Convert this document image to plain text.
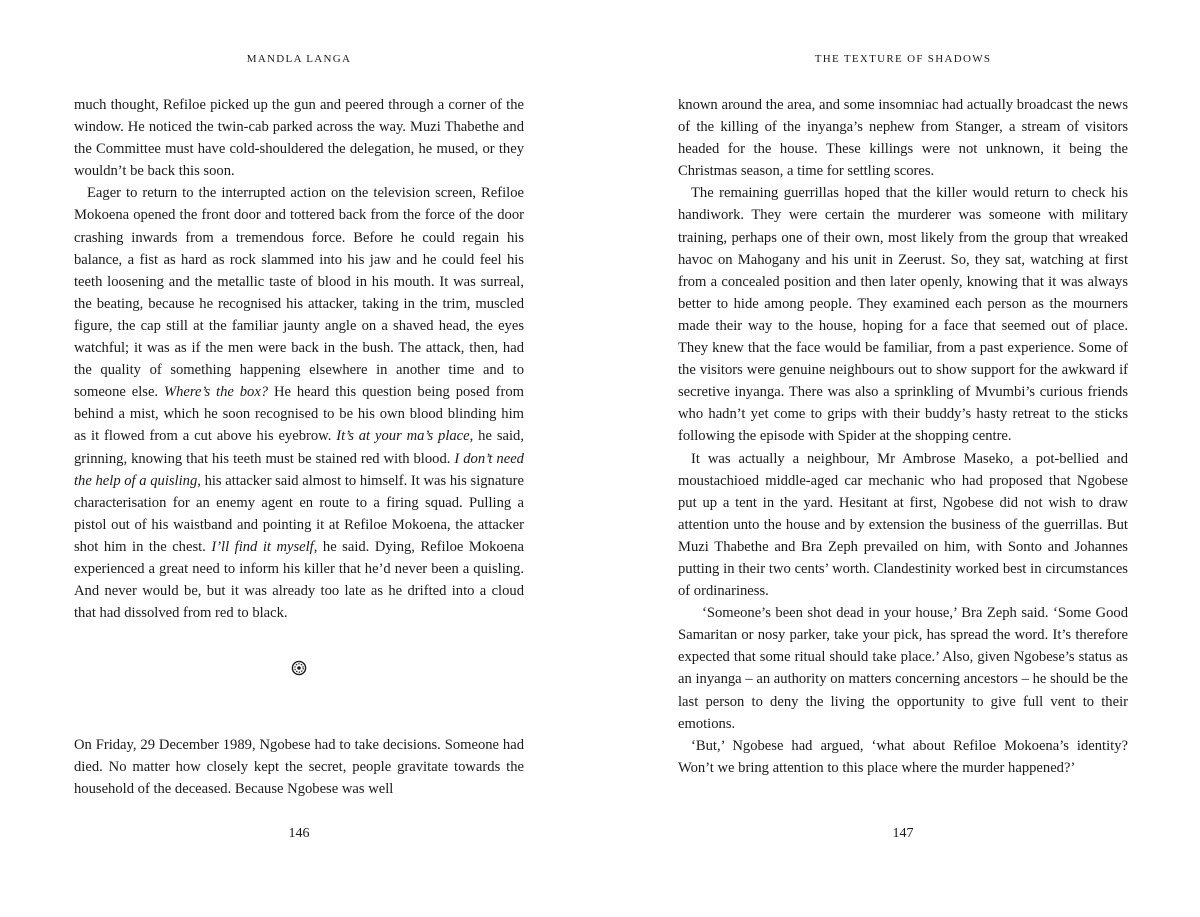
MANDLA LANGA

much thought, Refiloe picked up the gun and peered through a corner of the window. He noticed the twin-cab parked across the way. Muzi Thabethe and the Committee must have cold-shouldered the delegation, he mused, or they wouldn’t be back this soon.

Eager to return to the interrupted action on the television screen, Refiloe Mokoena opened the front door and tottered back from the force of the door crashing inwards from a tremendous force. Before he could regain his balance, a fist as hard as rock slammed into his jaw and he could feel his teeth loosening and the metallic taste of blood in his mouth. It was surreal, the beating, because he recognised his attacker, taking in the trim, muscled figure, the cap still at the familiar jaunty angle on a shaved head, the eyes watchful; it was as if the men were back in the bush. The attack, then, had the quality of something happening elsewhere in another time and to someone else. Where’s the box? He heard this question being posed from behind a mist, which he soon recognised to be his own blood blinding him as it flowed from a cut above his eyebrow. It’s at your ma’s place, he said, grinning, knowing that his teeth must be stained red with blood. I don’t need the help of a quisling, his attacker said almost to himself. It was his signature characterisation for an enemy agent en route to a firing squad. Pulling a pistol out of his waistband and pointing it at Refiloe Mokoena, the attacker shot him in the chest. I’ll find it myself, he said. Dying, Refiloe Mokoena experienced a great need to inform his killer that he’d never been a quisling. And never would be, but it was already too late as he drifted into a cloud that had dissolved from red to black.

On Friday, 29 December 1989, Ngobese had to take decisions. Someone had died. No matter how closely kept the secret, people gravitate towards the household of the deceased. Because Ngobese was well

146
THE TEXTURE OF SHADOWS

known around the area, and some insomniac had actually broadcast the news of the killing of the inyanga’s nephew from Stanger, a stream of visitors headed for the house. These killings were not unknown, it being the Christmas season, a time for settling scores.

The remaining guerrillas hoped that the killer would return to check his handiwork. They were certain the murderer was someone with military training, perhaps one of their own, most likely from the group that wreaked havoc on Mahogany and his unit in Zeerust. So, they sat, watching at first from a concealed position and then later openly, knowing that it was always better to hide among people. They examined each person as the mourners made their way to the house, hoping for a face that seemed out of place. They knew that the face would be familiar, from a past experience. Some of the visitors were genuine neighbours out to show support for the awkward if secretive inyanga. There was also a sprinkling of Mvumbi’s curious friends who hadn’t yet come to grips with their buddy’s hasty retreat to the sticks following the episode with Spider at the shopping centre.

It was actually a neighbour, Mr Ambrose Maseko, a pot-bellied and moustachioed middle-aged car mechanic who had proposed that Ngobese put up a tent in the yard. Hesitant at first, Ngobese did not wish to draw attention unto the house and by extension the business of the guerrillas. But Muzi Thabethe and Bra Zeph prevailed on him, with Sonto and Johannes putting in their two cents’ worth. Clandestinity worked best in circumstances of ordinariness.

‘Someone’s been shot dead in your house,’ Bra Zeph said. ‘Some Good Samaritan or nosy parker, take your pick, has spread the word. It’s therefore expected that some ritual should take place.’ Also, given Ngobese’s status as an inyanga – an authority on matters concerning ancestors – he should be the last person to deny the living the opportunity to give full vent to their emotions.

‘But,’ Ngobese had argued, ‘what about Refiloe Mokoena’s identity? Won’t we bring attention to this place where the murder happened?’

147
